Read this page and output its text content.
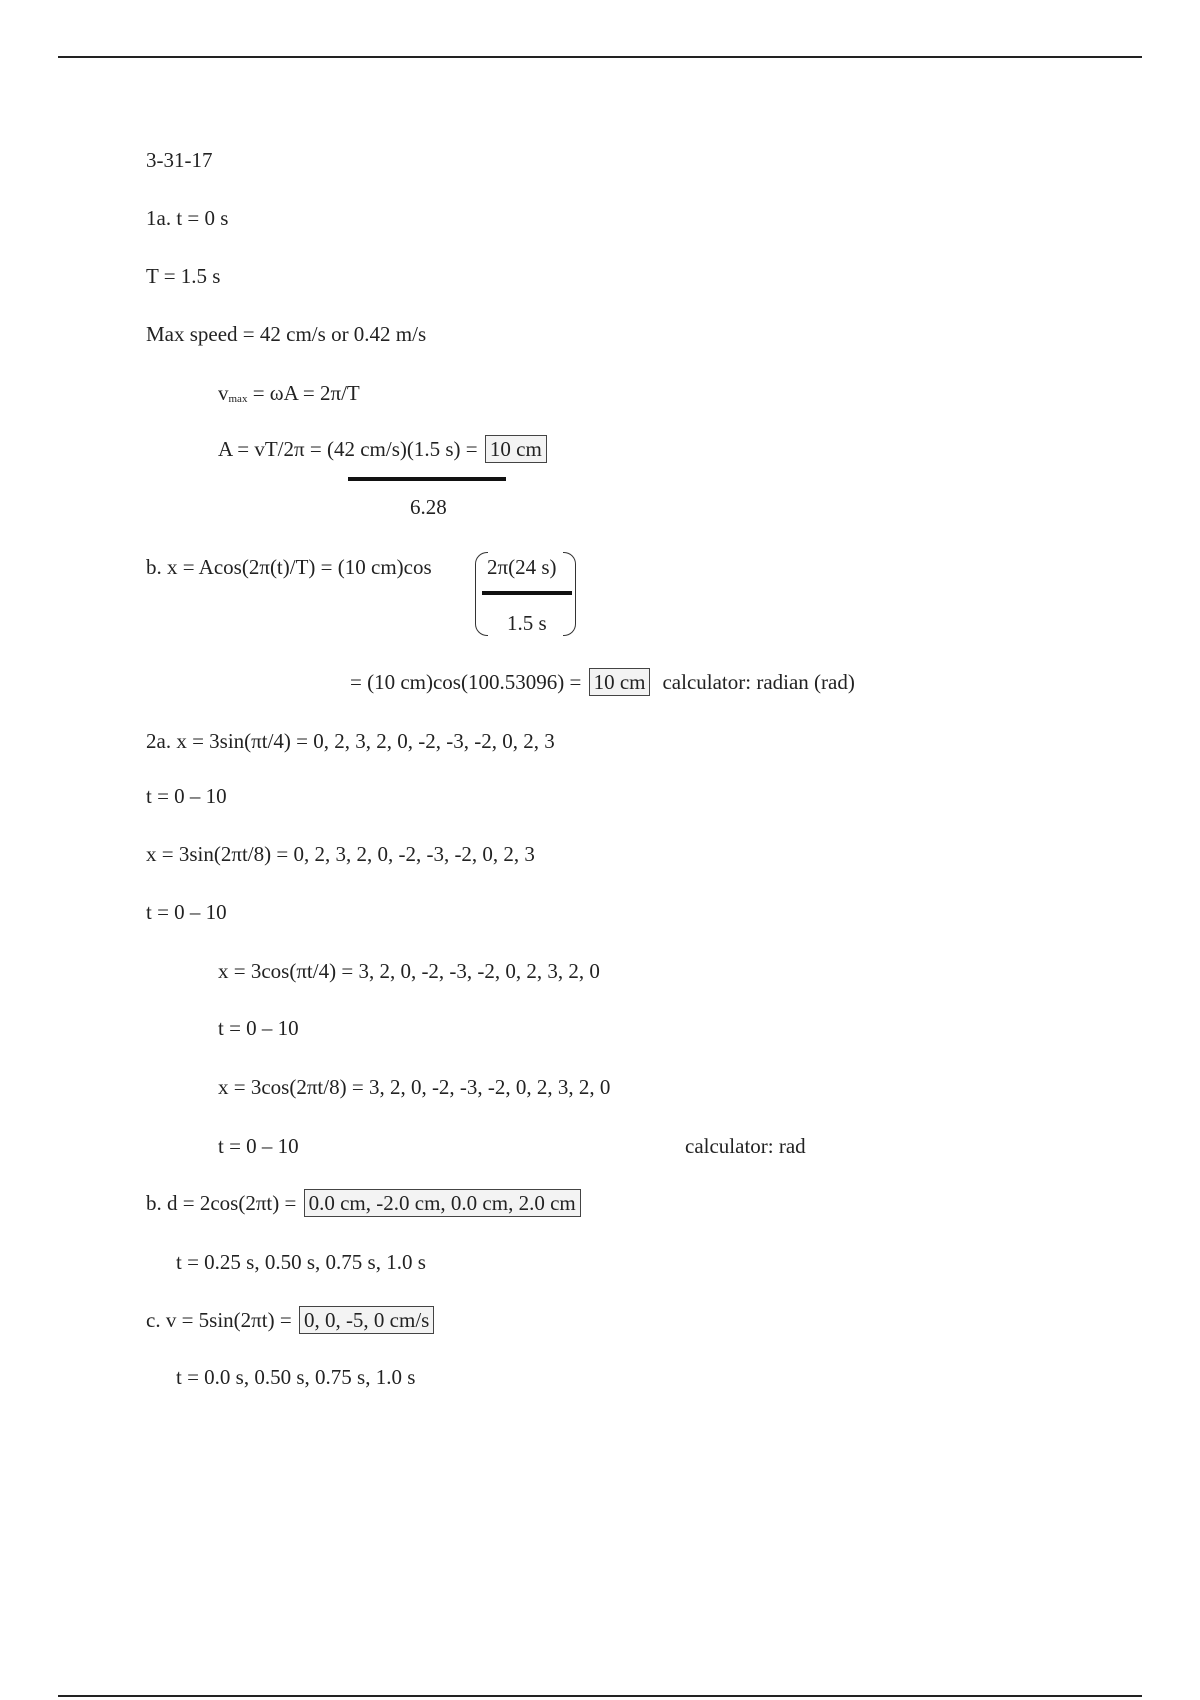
3-31-17
1a. t = 0 s
T = 1.5 s
Max speed = 42 cm/s or 0.42 m/s
vmax = ωA = 2π/T
A = vT/2π = (42 cm/s)(1.5 s) = 10 cm
6.28
b. x = Acos(2π(t)/T) = (10 cm)cos	2π(24 s)
1.5 s
= (10 cm)cos(100.53096) = 10 cm calculator: radian (rad)
2a. x = 3sin(πt/4) = 0, 2, 3, 2, 0, -2, -3, -2, 0, 2, 3
t = 0 – 10
x = 3sin(2πt/8) = 0, 2, 3, 2, 0, -2, -3, -2, 0, 2, 3
t = 0 – 10
x = 3cos(πt/4) = 3, 2, 0, -2, -3, -2, 0, 2, 3, 2, 0
t = 0 – 10
x = 3cos(2πt/8) = 3, 2, 0, -2, -3, -2, 0, 2, 3, 2, 0
t = 0 – 10	calculator: rad
b. d = 2cos(2πt) = 0.0 cm, -2.0 cm, 0.0 cm, 2.0 cm
t = 0.25 s, 0.50 s, 0.75 s, 1.0 s
c. v = 5sin(2πt) = 0, 0, -5, 0 cm/s
t = 0.0 s, 0.50 s, 0.75 s, 1.0 s
